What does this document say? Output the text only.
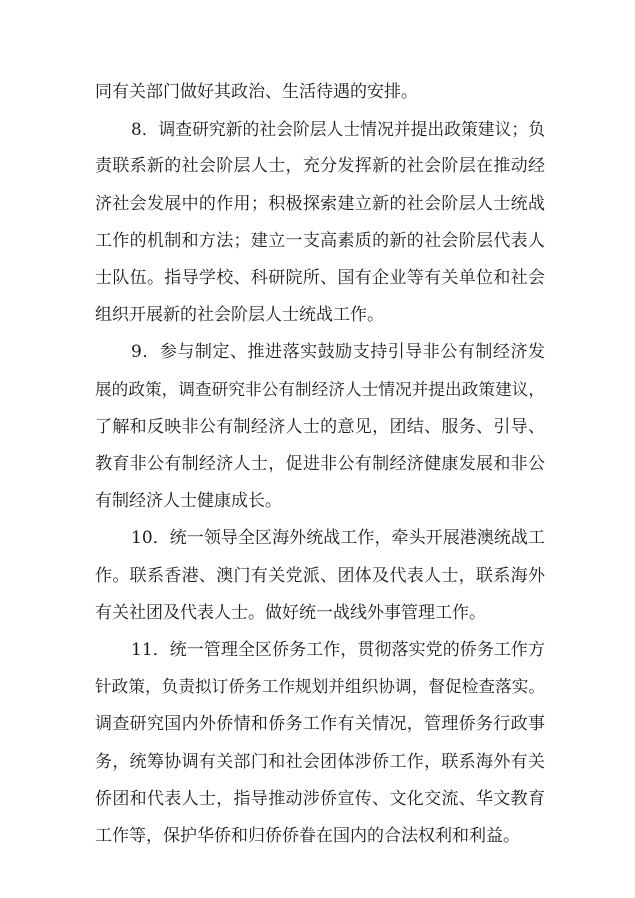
同有关部门做好其政治、生活待遇的安排。
8．调查研究新的社会阶层人士情况并提出政策建议；负
责联系新的社会阶层人士，充分发挥新的社会阶层在推动经
济社会发展中的作用；积极探索建立新的社会阶层人士统战
工作的机制和方法；建立一支高素质的新的社会阶层代表人
士队伍。指导学校、科研院所、国有企业等有关单位和社会
组织开展新的社会阶层人士统战工作。
9．参与制定、推进落实鼓励支持引导非公有制经济发
展的政策，调查研究非公有制经济人士情况并提出政策建议，
了解和反映非公有制经济人士的意见，团结、服务、引导、
教育非公有制经济人士，促进非公有制经济健康发展和非公
有制经济人士健康成长。
10．统一领导全区海外统战工作，牵头开展港澳统战工
作。联系香港、澳门有关党派、团体及代表人士，联系海外
有关社团及代表人士。做好统一战线外事管理工作。
11．统一管理全区侨务工作，贯彻落实党的侨务工作方
针政策，负责拟订侨务工作规划并组织协调，督促检查落实。
调查研究国内外侨情和侨务工作有关情况，管理侨务行政事
务，统筹协调有关部门和社会团体涉侨工作，联系海外有关
侨团和代表人士，指导推动涉侨宣传、文化交流、华文教育
工作等，保护华侨和归侨侨眷在国内的合法权利和利益。
